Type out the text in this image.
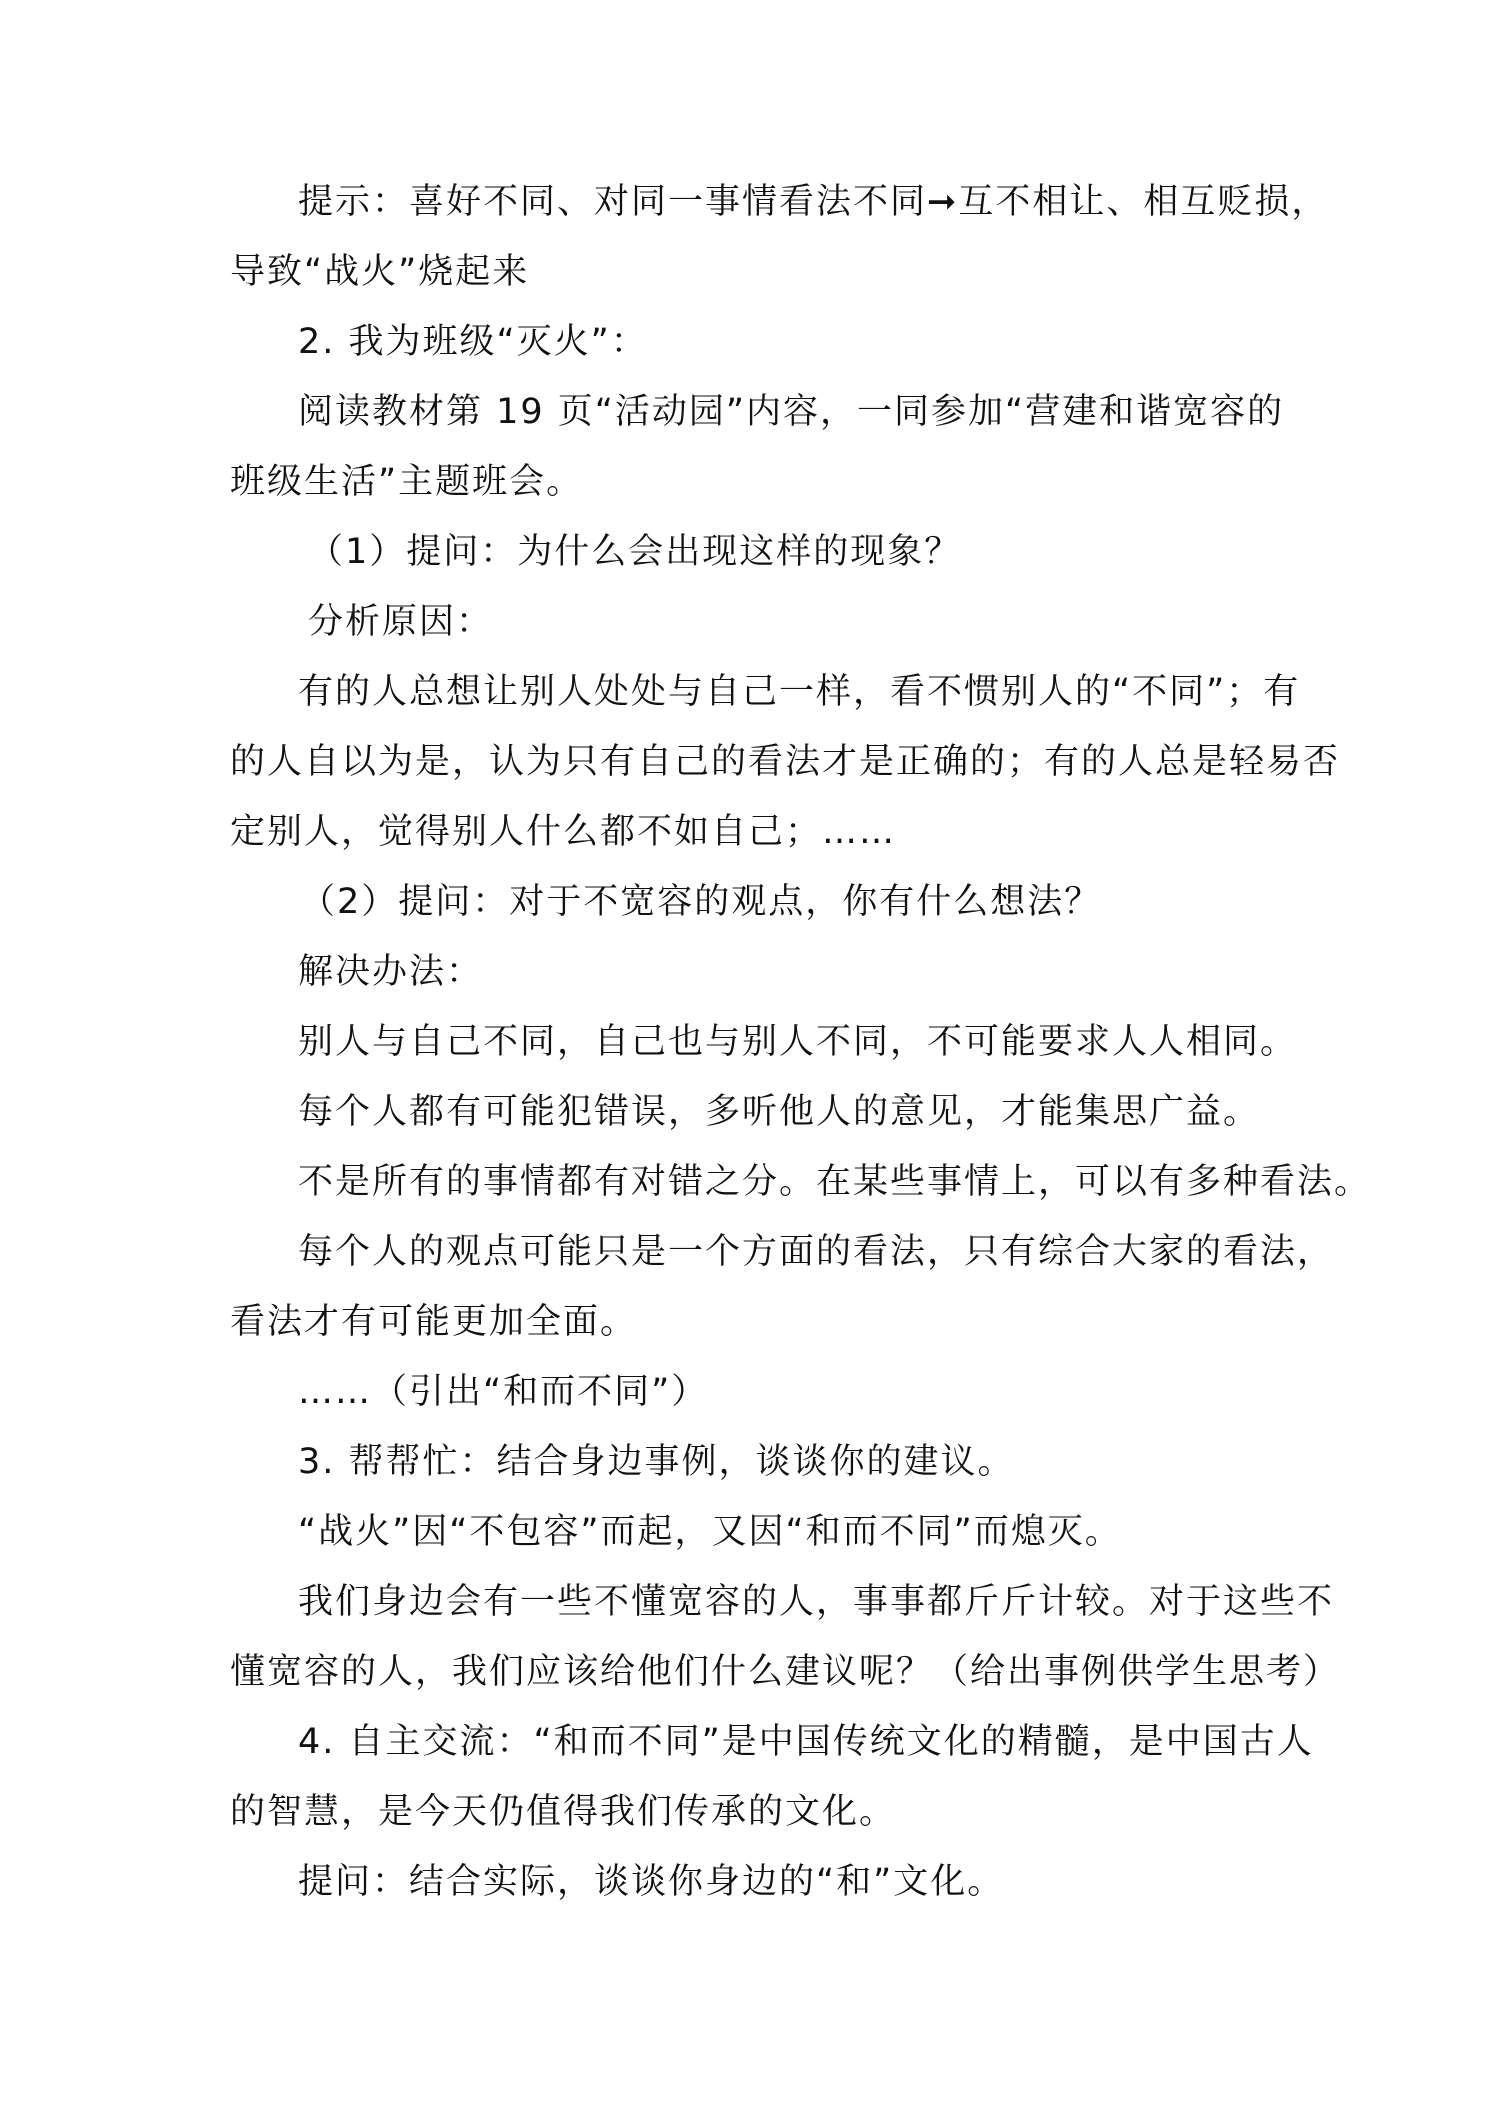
提示：喜好不同、对同一事情看法不同➞互不相让、相互贬损，
导致“战火”烧起来
2. 我为班级“灭火”：
阅读教材第 19 页“活动园”内容，一同参加“营建和谐宽容的
班级生活”主题班会。
（1）提问：为什么会出现这样的现象？
分析原因：
有的人总想让别人处处与自己一样，看不惯别人的“不同”；有
的人自以为是，认为只有自己的看法才是正确的；有的人总是轻易否
定别人，觉得别人什么都不如自己；……
（2）提问：对于不宽容的观点，你有什么想法？
解决办法：
别人与自己不同，自己也与别人不同，不可能要求人人相同。
每个人都有可能犯错误，多听他人的意见，才能集思广益。
不是所有的事情都有对错之分。在某些事情上，可以有多种看法。
每个人的观点可能只是一个方面的看法，只有综合大家的看法，
看法才有可能更加全面。
……（引出“和而不同”）
3. 帮帮忙：结合身边事例，谈谈你的建议。
“战火”因“不包容”而起，又因“和而不同”而熄灭。
我们身边会有一些不懂宽容的人，事事都斤斤计较。对于这些不
懂宽容的人，我们应该给他们什么建议呢？（给出事例供学生思考）
4. 自主交流：“和而不同”是中国传统文化的精髓，是中国古人
的智慧，是今天仍值得我们传承的文化。
提问：结合实际，谈谈你身边的“和”文化。
